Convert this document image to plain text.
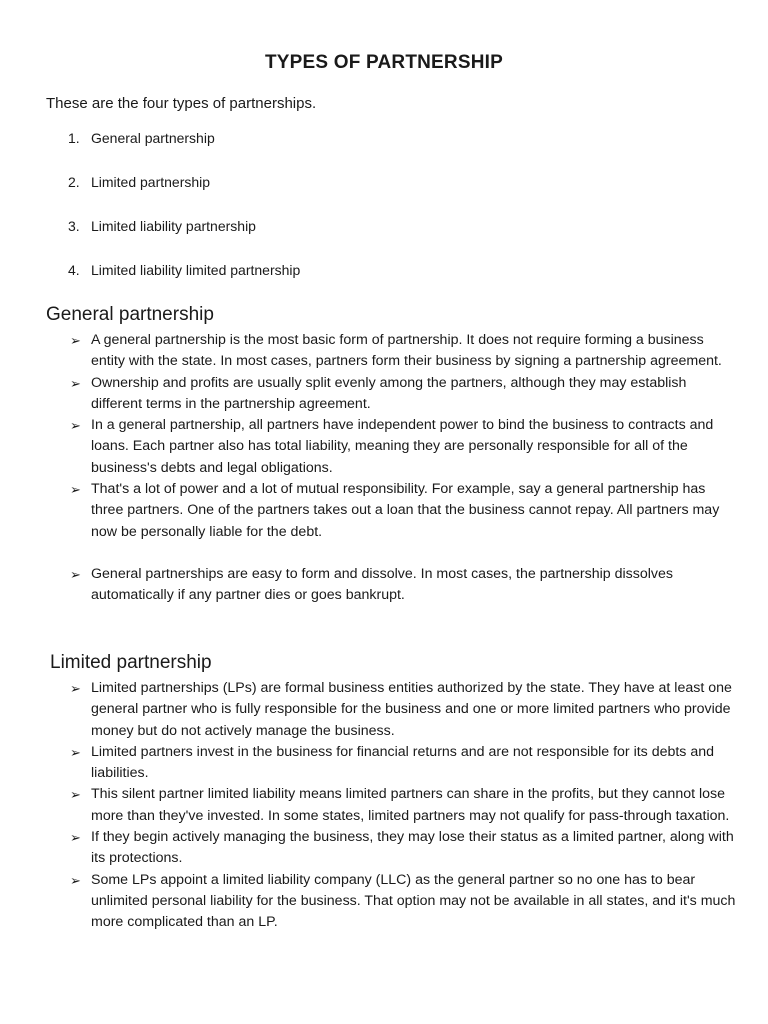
TYPES OF PARTNERSHIP
These are the four types of partnerships.
1. General partnership
2. Limited partnership
3. Limited liability partnership
4. Limited liability limited partnership
General partnership
➢ A general partnership is the most basic form of partnership. It does not require forming a business entity with the state. In most cases, partners form their business by signing a partnership agreement.
➢ Ownership and profits are usually split evenly among the partners, although they may establish different terms in the partnership agreement.
➢ In a general partnership, all partners have independent power to bind the business to contracts and loans. Each partner also has total liability, meaning they are personally responsible for all of the business's debts and legal obligations.
➢ That's a lot of power and a lot of mutual responsibility. For example, say a general partnership has three partners. One of the partners takes out a loan that the business cannot repay. All partners may now be personally liable for the debt.
➢ General partnerships are easy to form and dissolve. In most cases, the partnership dissolves automatically if any partner dies or goes bankrupt.
Limited partnership
➢ Limited partnerships (LPs) are formal business entities authorized by the state. They have at least one general partner who is fully responsible for the business and one or more limited partners who provide money but do not actively manage the business.
➢ Limited partners invest in the business for financial returns and are not responsible for its debts and liabilities.
➢ This silent partner limited liability means limited partners can share in the profits, but they cannot lose more than they've invested. In some states, limited partners may not qualify for pass-through taxation.
➢ If they begin actively managing the business, they may lose their status as a limited partner, along with its protections.
➢ Some LPs appoint a limited liability company (LLC) as the general partner so no one has to bear unlimited personal liability for the business. That option may not be available in all states, and it's much more complicated than an LP.
